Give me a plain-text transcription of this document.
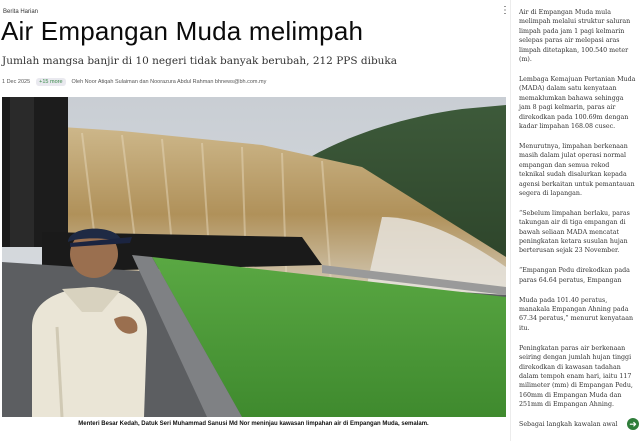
Berita Harian	⋮
Air Empangan Muda melimpah
Jumlah mangsa banjir di 10 negeri tidak banyak berubah, 212 PPS dibuka
1 Dec 2025	+15 more	Oleh Noor Atiqah Sulaiman dan Noorazura Abdul Rahman bhnews@bh.com.my
Menteri Besar Kedah, Datuk Seri Muhammad Sanusi Md Nor meninjau kawasan limpahan air di Empangan Muda, semalam.

Air di Empangan Muda mula melimpah melalui struktur saluran limpah pada jam 1 pagi kelmarin selepas paras air melepasi aras limpah ditetapkan, 100.540 meter (m).

Lembaga Kemajuan Pertanian Muda (MADA) dalam satu kenyataan memaklumkan bahawa sehingga jam 8 pagi kelmarin, paras air direkodkan pada 100.69m dengan kadar limpahan 168.08 cusec.

Menurutnya, limpahan berkenaan masih dalam julat operasi normal empangan dan semua rekod teknikal sudah disalurkan kepada agensi berkaitan untuk pemantauan segera di lapangan.

“Sebelum limpahan berlaku, paras takungan air di tiga empangan di bawah seliaan MADA mencatat peningkatan ketara susulan hujan berterusan sejak 23 November.

“Empangan Pedu direkodkan pada paras 64.64 peratus, Empangan

Muda pada 101.40 peratus, manakala Empangan Ahning pada 67.34 peratus,” menurut kenyataan itu.

Peningkatan paras air berkenaan seiring dengan jumlah hujan tinggi direkodkan di kawasan tadahan dalam tempoh enam hari, iaitu 117 milimeter (mm) di Empangan Pedu, 160mm di Empangan Muda dan 251mm di Empangan Ahning.

Sebagai langkah kawalan awal	➜
